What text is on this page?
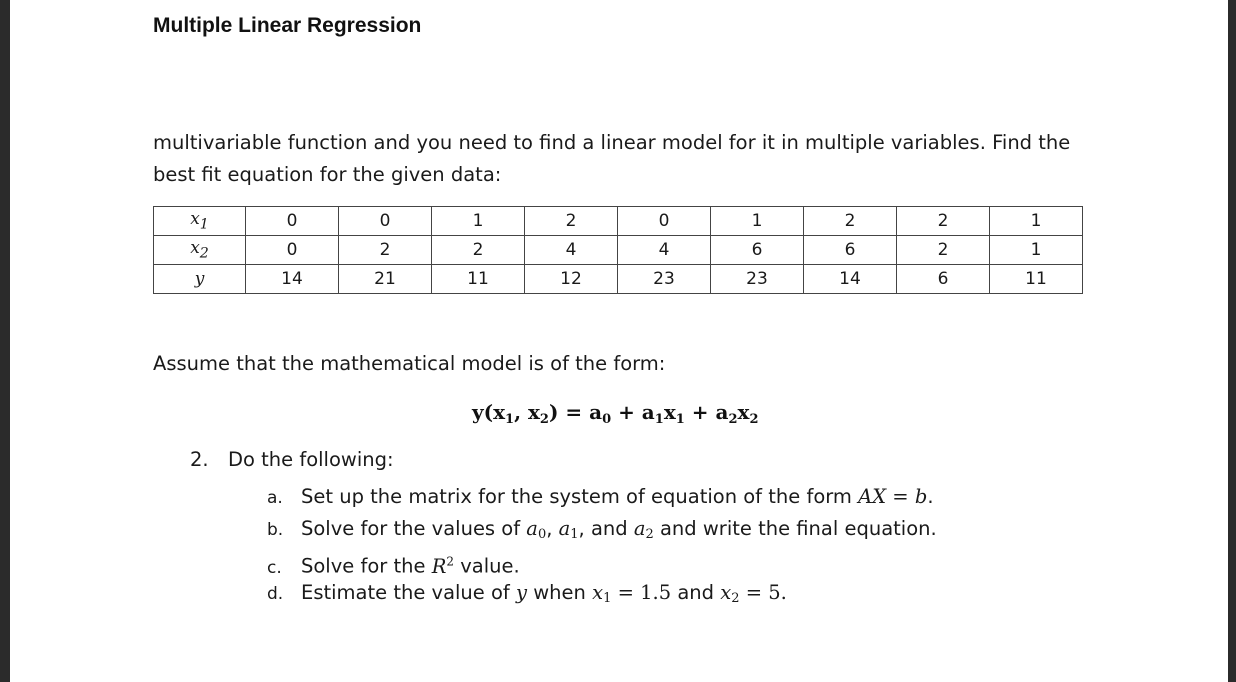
Multiple Linear Regression
multivariable function and you need to find a linear model for it in multiple variables. Find the
best fit equation for the given data:
$x_1$	0	0	1	2	0	1	2	2	1
$x_2$	0	2	2	4	4	6	6	2	1
y	14	21	11	12	23	23	14	6	11
Assume that the mathematical model is of the form:
$y(x_1$, $x_2) = a_0 + a_1x_1 + a_2x_2$
2. Do the following:
a. Set up the matrix for the system of equation of the form AX = b.
b. Solve for the values of $a_0$, $a_1$, and $a_2$ and write the final equation.
c. Solve for the $R^2$ value.
d. Estimate the value of y when $x_1 = 1.5$ and $x_2 = 5$.
